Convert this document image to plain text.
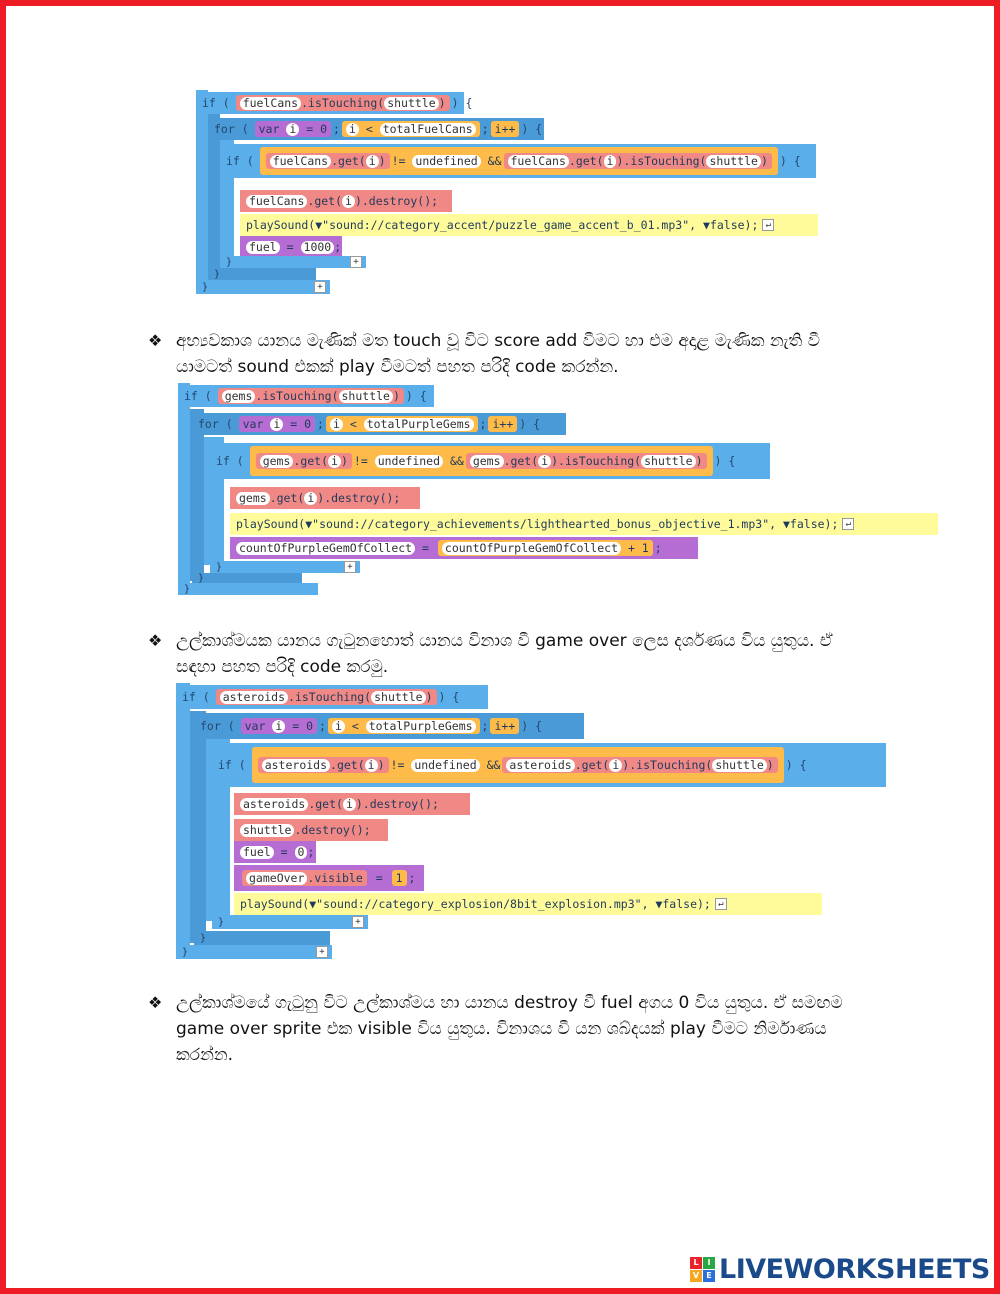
if ( fuelCans .isTouching( shuttle ) ) {
for ( var
i
= 0 ; i
<
totalFuelCans ; i++ ) {
if ( fuelCans .get( i ) !=
undefined
&& fuelCans .get( i ) .isTouching( shuttle )	) {
fuelCans .get( i ).destroy();
playSound( ▼"sound://category_accent/puzzle_game_accent_b_01.mp3",
▼false); ↵
fuel
=
1000 ;
}	+
}
}	+
❖ අභ්‍යවකාශ යානය මැණික් මත touch වූ විට score add වීමට හා එම අදාළ මැණික නැති වී යාමටත් sound එකක් play වීමටත් පහත පරිදි code කරන්න.
if ( gems .isTouching( shuttle ) ) {
for ( var
i
= 0 ; i
<
totalPurpleGems ; i++ ) {
if ( gems .get( i ) !=
undefined
&& gems .get( i ) .isTouching( shuttle )	) {
gems .get( i ).destroy();
playSound( ▼"sound://category_achievements/lighthearted_bonus_objective_1.mp3",
▼false); ↵
countOfPurpleGemOfCollect
=
countOfPurpleGemOfCollect
+ 1 ;
}	+
}
}
❖ උල්කාශ්මයක යානය ගැටුනහොත් යානය විනාශ වී game over ලෙස දර්ශණය විය යුතුය. ඒ සඳහා පහත පරිදි code කරමු.
if ( asteroids .isTouching( shuttle ) ) {
for ( var
i
= 0 ; i
<
totalPurpleGems ; i++ ) {
if ( asteroids .get( i ) !=
undefined
&& asteroids .get( i ) .isTouching( shuttle )	) {
asteroids .get( i ).destroy();
shuttle .destroy();
fuel
=
0 ;
gameOver .visible
=
1 ;
playSound( ▼"sound://category_explosion/8bit_explosion.mp3",
▼false); ↵
}	+
}
}	+
❖ උල්කාශ්මයේ ගැටුනු විට උල්කාශ්මය හා යානය destroy වී fuel අගය 0 විය යුතුය. ඒ සමඟම game over sprite එක visible විය යුතුය. විනාශය වී යන ශබ්දයක් play වීමට නිර්මාණය කරන්න.
L	I
V E LIVEWORKSHEETS
